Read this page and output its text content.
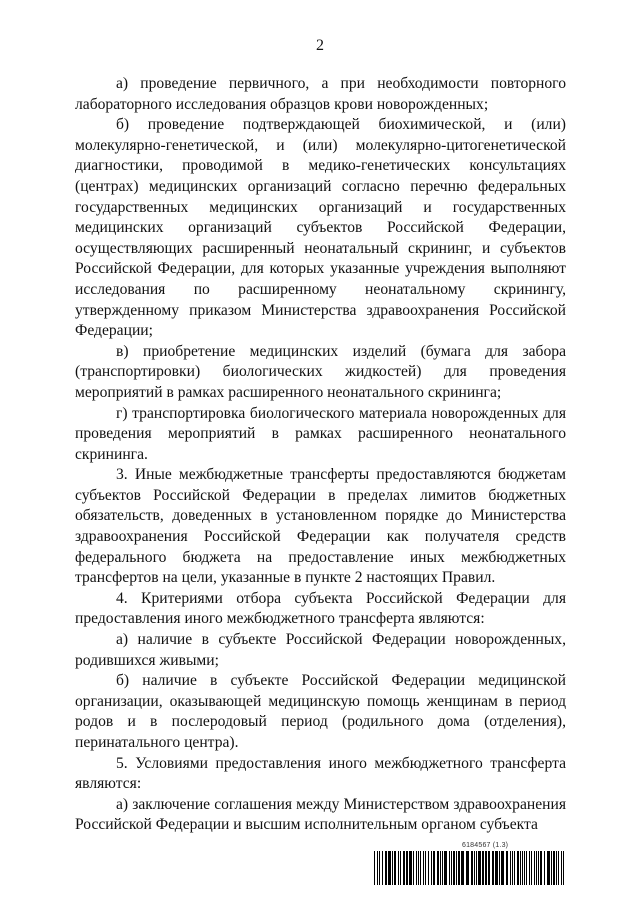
2

а) проведение первичного, а при необходимости повторного лабораторного исследования образцов крови новорожденных;

б) проведение подтверждающей биохимической, и (или) молекулярно-генетической, и (или) молекулярно-цитогенетической диагностики, проводимой в медико-генетических консультациях (центрах) медицинских организаций согласно перечню федеральных государственных медицинских организаций и государственных медицинских организаций субъектов Российской Федерации, осуществляющих расширенный неонатальный скрининг, и субъектов Российской Федерации, для которых указанные учреждения выполняют исследования по расширенному неонатальному скринингу, утвержденному приказом Министерства здравоохранения Российской Федерации;

в) приобретение медицинских изделий (бумага для забора (транспортировки) биологических жидкостей) для проведения мероприятий в рамках расширенного неонатального скрининга;

г) транспортировка биологического материала новорожденных для проведения мероприятий в рамках расширенного неонатального скрининга.

3. Иные межбюджетные трансферты предоставляются бюджетам субъектов Российской Федерации в пределах лимитов бюджетных обязательств, доведенных в установленном порядке до Министерства здравоохранения Российской Федерации как получателя средств федерального бюджета на предоставление иных межбюджетных трансфертов на цели, указанные в пункте 2 настоящих Правил.

4. Критериями отбора субъекта Российской Федерации для предоставления иного межбюджетного трансферта являются:

а) наличие в субъекте Российской Федерации новорожденных, родившихся живыми;

б) наличие в субъекте Российской Федерации медицинской организации, оказывающей медицинскую помощь женщинам в период родов и в послеродовый период (родильного дома (отделения), перинатального центра).

5. Условиями предоставления иного межбюджетного трансферта являются:

а) заключение соглашения между Министерством здравоохранения Российской Федерации и высшим исполнительным органом субъекта

6184567 (1.3)
